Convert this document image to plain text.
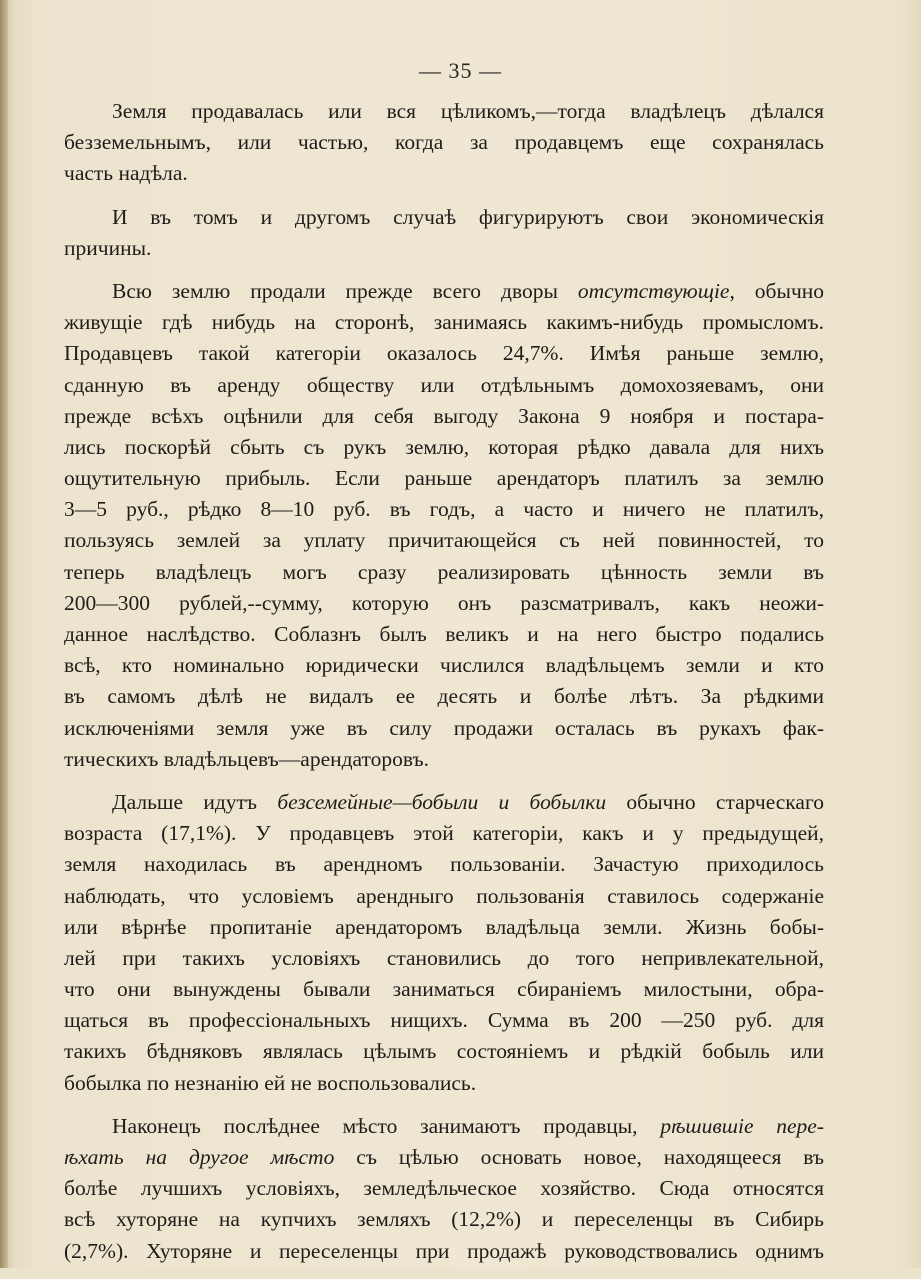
— 35 —
Земля продавалась или вся цѣликомъ,—тогда владѣлецъ дѣлался
безземельнымъ, или частью, когда за продавцемъ еще сохранялась
часть надѣла.
И въ томъ и другомъ случаѣ фигурируютъ свои экономическія
причины.
Всю землю продали прежде всего дворы отсутствующіе, обычно
живущіе гдѣ нибудь на сторонѣ, занимаясь какимъ-нибудь промысломъ.
Продавцевъ такой категоріи оказалось 24,7%. Имѣя раньше землю,
сданную въ аренду обществу или отдѣльнымъ домохозяевамъ, они
прежде всѣхъ оцѣнили для себя выгоду Закона 9 ноября и постара-
лись поскорѣй сбыть съ рукъ землю, которая рѣдко давала для нихъ
ощутительную прибыль. Если раньше арендаторъ платилъ за землю
3—5 руб., рѣдко 8—10 руб. въ годъ, а часто и ничего не платилъ,
пользуясь землей за уплату причитающейся съ ней повинностей, то
теперь владѣлецъ могъ сразу реализировать цѣнность земли въ
200—300 рублей,--сумму, которую онъ разсматривалъ, какъ неожи-
данное наслѣдство. Соблазнъ былъ великъ и на него быстро подались
всѣ, кто номинально юридически числился владѣльцемъ земли и кто
въ самомъ дѣлѣ не видалъ ее десять и болѣе лѣтъ. За рѣдкими
исключеніями земля уже въ силу продажи осталась въ рукахъ фак-
тическихъ владѣльцевъ—арендаторовъ.
Дальше идутъ безсемейные—бобыли и бобылки обычно старческаго
возраста (17,1%). У продавцевъ этой категоріи, какъ и у предыдущей,
земля находилась въ арендномъ пользованіи. Зачастую приходилось
наблюдать, что условіемъ арендныго пользованія ставилось содержаніе
или вѣрнѣе пропитаніе арендаторомъ владѣльца земли. Жизнь бобы-
лей при такихъ условіяхъ становились до того непривлекательной,
что они вынуждены бывали заниматься сбираніемъ милостыни, обра-
щаться въ профессіональныхъ нищихъ. Сумма въ 200 —250 руб. для
такихъ бѣдняковъ являлась цѣлымъ состояніемъ и рѣдкій бобыль или
бобылка по незнанію ей не воспользовались.
Наконецъ послѣднее мѣсто занимаютъ продавцы, рѣшившіе пере-
ѣхать на другое мѣсто съ цѣлью основать новое, находящееся въ
болѣе лучшихъ условіяхъ, земледѣльческое хозяйство. Сюда относятся
всѣ хуторяне на купчихъ земляхъ (12,2%) и переселенцы въ Сибирь
(2,7%). Хуторяне и переселенцы при продажѣ руководствовались однимъ
